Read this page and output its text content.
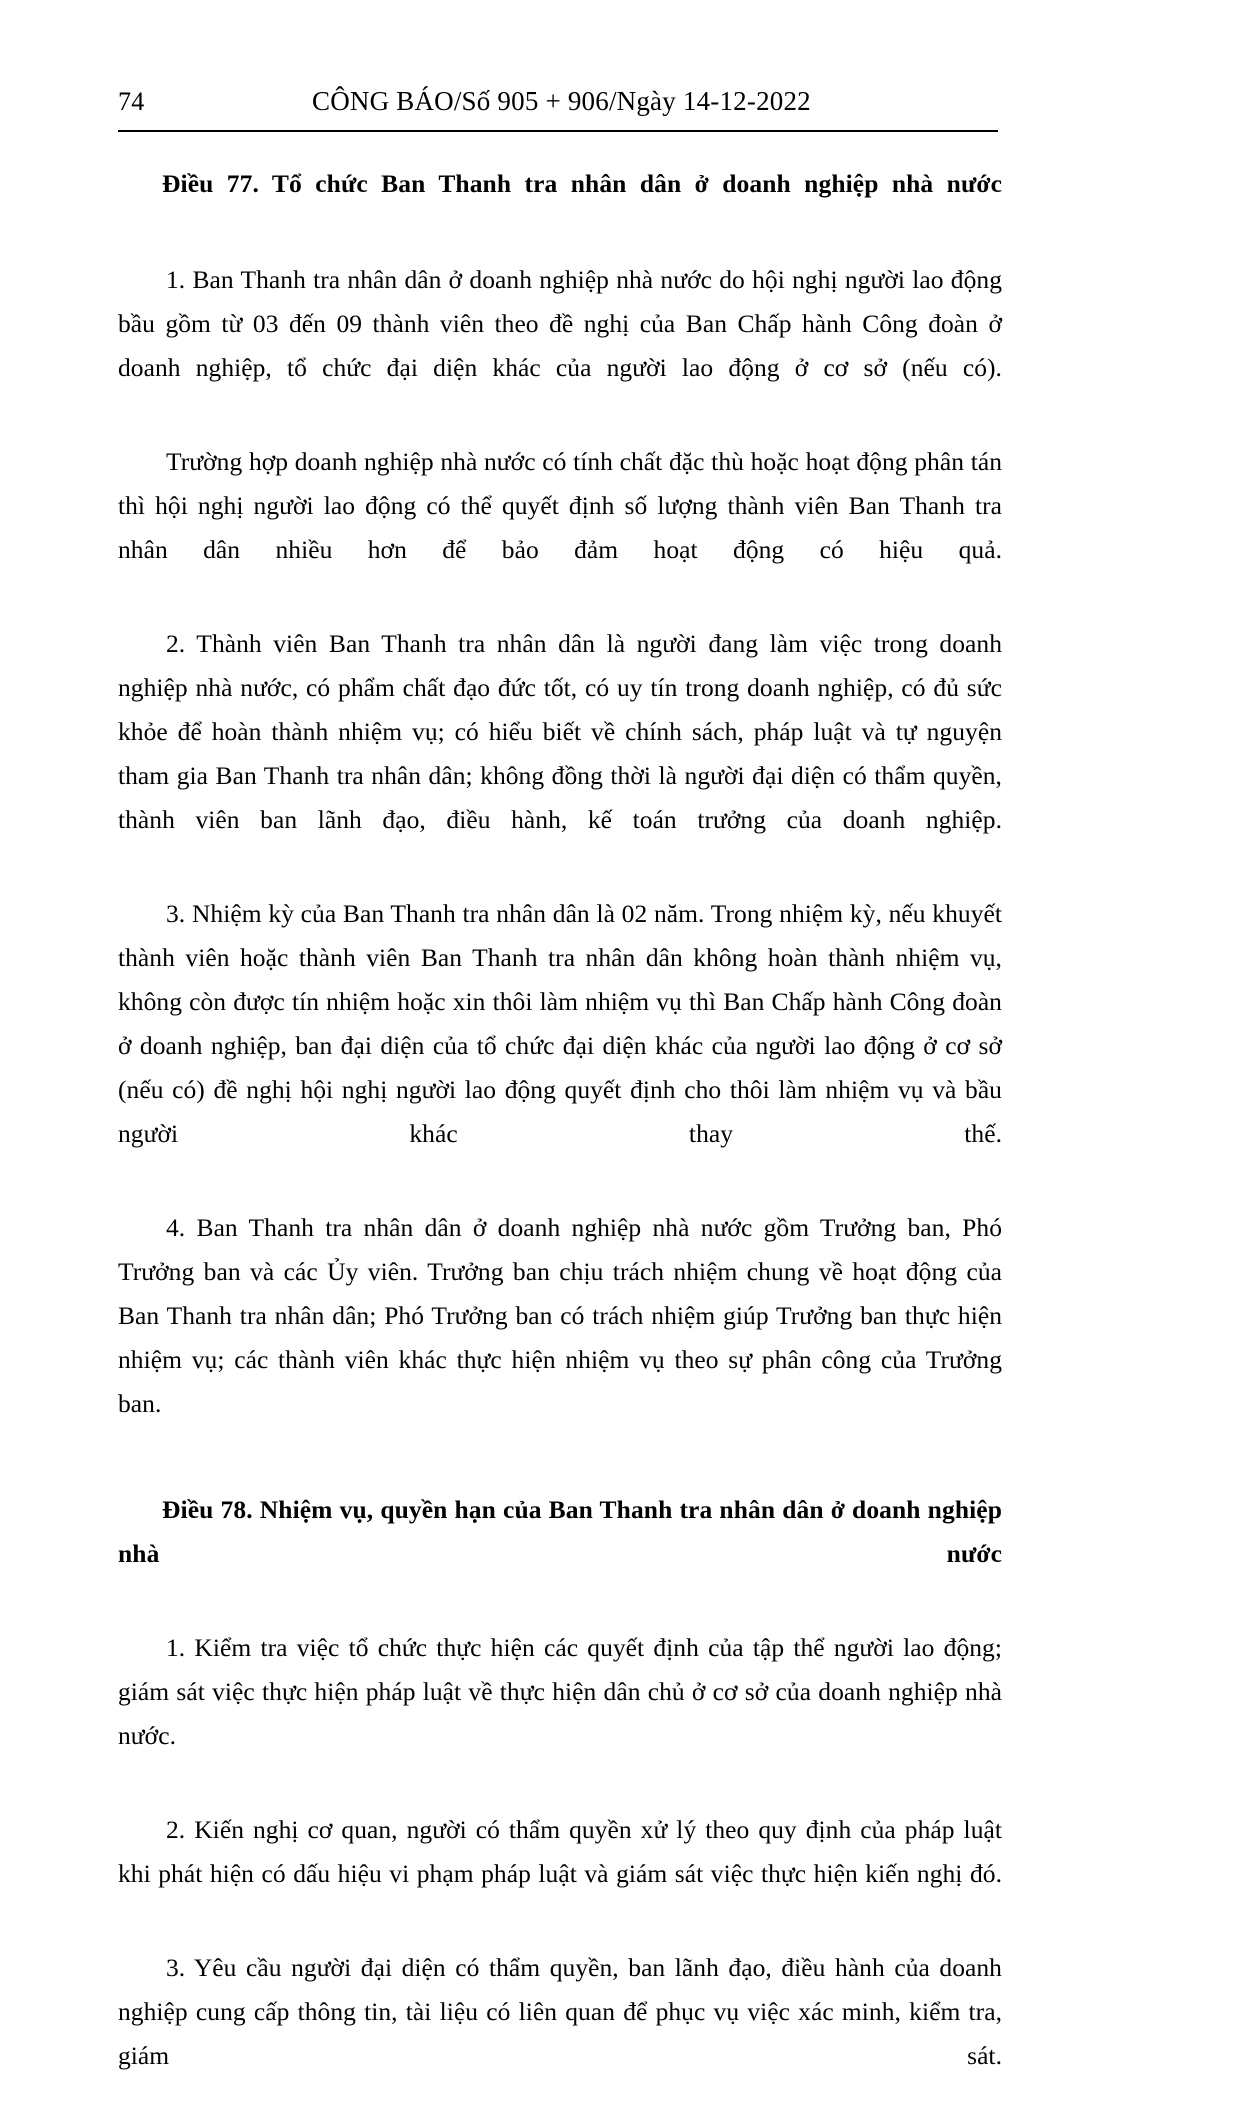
74	CÔNG BÁO/Số 905 + 906/Ngày 14-12-2022
Điều 77. Tổ chức Ban Thanh tra nhân dân ở doanh nghiệp nhà nước

1. Ban Thanh tra nhân dân ở doanh nghiệp nhà nước do hội nghị người lao động bầu gồm từ 03 đến 09 thành viên theo đề nghị của Ban Chấp hành Công đoàn ở doanh nghiệp, tổ chức đại diện khác của người lao động ở cơ sở (nếu có).

Trường hợp doanh nghiệp nhà nước có tính chất đặc thù hoặc hoạt động phân tán thì hội nghị người lao động có thể quyết định số lượng thành viên Ban Thanh tra nhân dân nhiều hơn để bảo đảm hoạt động có hiệu quả.

2. Thành viên Ban Thanh tra nhân dân là người đang làm việc trong doanh nghiệp nhà nước, có phẩm chất đạo đức tốt, có uy tín trong doanh nghiệp, có đủ sức khỏe để hoàn thành nhiệm vụ; có hiểu biết về chính sách, pháp luật và tự nguyện tham gia Ban Thanh tra nhân dân; không đồng thời là người đại diện có thẩm quyền, thành viên ban lãnh đạo, điều hành, kế toán trưởng của doanh nghiệp.

3. Nhiệm kỳ của Ban Thanh tra nhân dân là 02 năm. Trong nhiệm kỳ, nếu khuyết thành viên hoặc thành viên Ban Thanh tra nhân dân không hoàn thành nhiệm vụ, không còn được tín nhiệm hoặc xin thôi làm nhiệm vụ thì Ban Chấp hành Công đoàn ở doanh nghiệp, ban đại diện của tổ chức đại diện khác của người lao động ở cơ sở (nếu có) đề nghị hội nghị người lao động quyết định cho thôi làm nhiệm vụ và bầu người khác thay thế.

4. Ban Thanh tra nhân dân ở doanh nghiệp nhà nước gồm Trưởng ban, Phó Trưởng ban và các Ủy viên. Trưởng ban chịu trách nhiệm chung về hoạt động của Ban Thanh tra nhân dân; Phó Trưởng ban có trách nhiệm giúp Trưởng ban thực hiện nhiệm vụ; các thành viên khác thực hiện nhiệm vụ theo sự phân công của Trưởng ban.

Điều 78. Nhiệm vụ, quyền hạn của Ban Thanh tra nhân dân ở doanh nghiệp nhà nước

1. Kiểm tra việc tổ chức thực hiện các quyết định của tập thể người lao động; giám sát việc thực hiện pháp luật về thực hiện dân chủ ở cơ sở của doanh nghiệp nhà nước.

2. Kiến nghị cơ quan, người có thẩm quyền xử lý theo quy định của pháp luật khi phát hiện có dấu hiệu vi phạm pháp luật và giám sát việc thực hiện kiến nghị đó.

3. Yêu cầu người đại diện có thẩm quyền, ban lãnh đạo, điều hành của doanh nghiệp cung cấp thông tin, tài liệu có liên quan để phục vụ việc xác minh, kiểm tra, giám sát.
